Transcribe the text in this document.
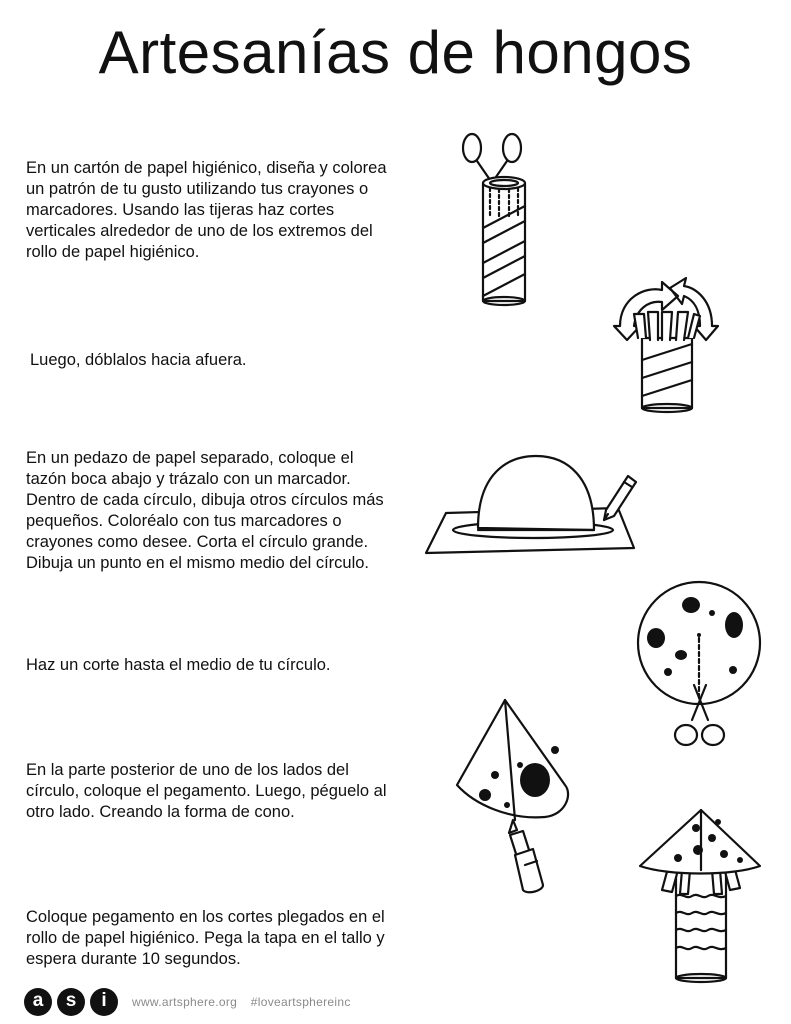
Artesanías de hongos

En un cartón de papel higiénico, diseña y colorea un patrón de tu gusto utilizando tus crayones o marcadores. Usando las tijeras haz cortes verticales alrededor de uno de los extremos del rollo de papel higiénico.

Luego, dóblalos hacia afuera.

En un pedazo de papel separado, coloque el tazón boca abajo y trázalo con un marcador. Dentro de cada círculo, dibuja otros círculos más pequeños. Coloréalo con tus marcadores o crayones como desee. Corta el círculo grande. Dibuja un punto en el mismo medio del círculo.

Haz un corte hasta el medio de tu círculo.

En la parte posterior de uno de los lados del círculo, coloque el pegamento. Luego, péguelo al otro lado. Creando la forma de cono.

Coloque pegamento en los cortes plegados en el rollo de papel higiénico. Pega la tapa en el tallo y espera durante 10 segundos.

a	s	i	www.artsphere.org #loveartsphereinc
